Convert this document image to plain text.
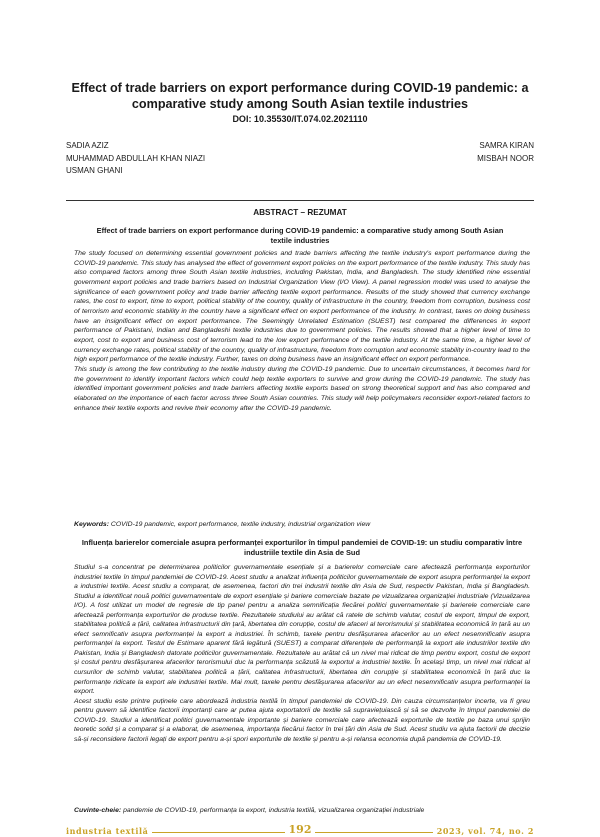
Effect of trade barriers on export performance during COVID-19 pandemic: a comparative study among South Asian textile industries
DOI: 10.35530/IT.074.02.2021110
SADIA AZIZ
MUHAMMAD ABDULLAH KHAN NIAZI
USMAN GHANI
SAMRA KIRAN
MISBAH NOOR
ABSTRACT – REZUMAT
Effect of trade barriers on export performance during COVID-19 pandemic: a comparative study among South Asian textile industries

The study focused on determining essential government policies and trade barriers affecting the textile industry's export performance during the COVID-19 pandemic. This study has analysed the effect of government export policies on the export performance of the textile industry. This study has also compared factors among three South Asian textile industries, including Pakistan, India, and Bangladesh. The study identified nine essential government export policies and trade barriers based on Industrial Organization View (I/O View). A panel regression model was used to analyse the significance of each government policy and trade barrier affecting textile export performance. Results of the study showed that currency exchange rates, the cost to export, time to export, political stability of the country, quality of infrastructure in the country, freedom from corruption, business cost of terrorism and economic stability in the country have a significant effect on export performance of the industry. In contrast, taxes on doing business have an insignificant effect on export performance. The Seemingly Unrelated Estimation (SUEST) test compared the differences in export performance of Pakistani, Indian and Bangladeshi textile industries due to government policies. The results showed that a higher level of time to export, cost to export and business cost of terrorism lead to the low export performance of the textile industry. At the same time, a higher level of currency exchange rates, political stability of the country, quality of infrastructure, freedom from corruption and economic stability in-country lead to the high export performance of the textile industry. Further, taxes on doing business have an insignificant effect on export performance.

This study is among the few contributing to the textile industry during the COVID-19 pandemic. Due to uncertain circumstances, it becomes hard for the government to identify important factors which could help textile exporters to survive and grow during the COVID-19 pandemic. The study has identified important government policies and trade barriers affecting textile exports based on strong theoretical support and has also compared and elaborated on the importance of each factor across three South Asian countries. This study will help policymakers reconsider export-related factors to enhance their textile exports and revive their economy after the COVID-19 pandemic.

Keywords: COVID-19 pandemic, export performance, textile industry, industrial organization view
Influența barierelor comerciale asupra performanței exporturilor în timpul pandemiei de COVID-19: un studiu comparativ între industriile textile din Asia de Sud

Studiul s-a concentrat pe determinarea politicilor guvernamentale esențiale și a barierelor comerciale care afectează performanța exporturilor industriei textile în timpul pandemiei de COVID-19. Acest studiu a analizat influența politicilor guvernamentale de export asupra performanței la export a industriei textile. Acest studiu a comparat, de asemenea, factori din trei industrii textile din Asia de Sud, respectiv Pakistan, India și Bangladesh. Studiul a identificat nouă politici guvernamentale de export esențiale și bariere comerciale bazate pe vizualizarea organizației industriale (Vizualizarea I/O). A fost utilizat un model de regresie de tip panel pentru a analiza semnificația fiecărei politici guvernamentale și barierele comerciale care afectează performanța exporturilor de produse textile. Rezultatele studiului au arătat că ratele de schimb valutar, costul de export, timpul de export, stabilitatea politică a țării, calitatea infrastructurii din țară, libertatea din corupție, costul de afaceri al terorismului și stabilitatea economică în țară au un efect semnificativ asupra performanței la export a industriei. În schimb, taxele pentru desfășurarea afacerilor au un efect nesemnificativ asupra performanței la export. Testul de Estimare aparent fără legătură (SUEST) a comparat diferențele de performanță la export ale industriilor textile din Pakistan, India și Bangladesh datorate politicilor guvernamentale. Rezultatele au arătat că un nivel mai ridicat de timp pentru export, costul de export și costul pentru desfășurarea afacerilor terorismului duc la performanța scăzută la exportul a industriei textile. În același timp, un nivel mai ridicat al cursurilor de schimb valutar, stabilitatea politică a țării, calitatea infrastructurii, libertatea din corupție și stabilitatea economică în țară duc la performanțe ridicate la export ale industriei textile. Mai mult, taxele pentru desfășurarea afacerilor au un efect nesemnificativ asupra performanței la export.

Acest studiu este printre puținele care abordează industria textilă în timpul pandemiei de COVID-19. Din cauza circumstanțelor incerte, va fi greu pentru guvern să identifice factorii importanți care ar putea ajuta exportatorii de textile să supraviețuiască și să se dezvolte în timpul pandemiei de COVID-19. Studiul a identificat politici guvernamentale importante și bariere comerciale care afectează exporturile de textile pe baza unui sprijin teoretic solid și a comparat și a elaborat, de asemenea, importanța fiecărui factor în trei țări din Asia de Sud. Acest studiu va ajuta factorii de decizie să-și reconsidere factorii legați de export pentru a-și spori exporturile de textile și pentru a-și relansa economia după pandemia de COVID-19.

Cuvinte-cheie: pandemie de COVID-19, performanța la export, industria textilă, vizualizarea organizației industriale
industria textilă	192	2023, vol. 74, no. 2
